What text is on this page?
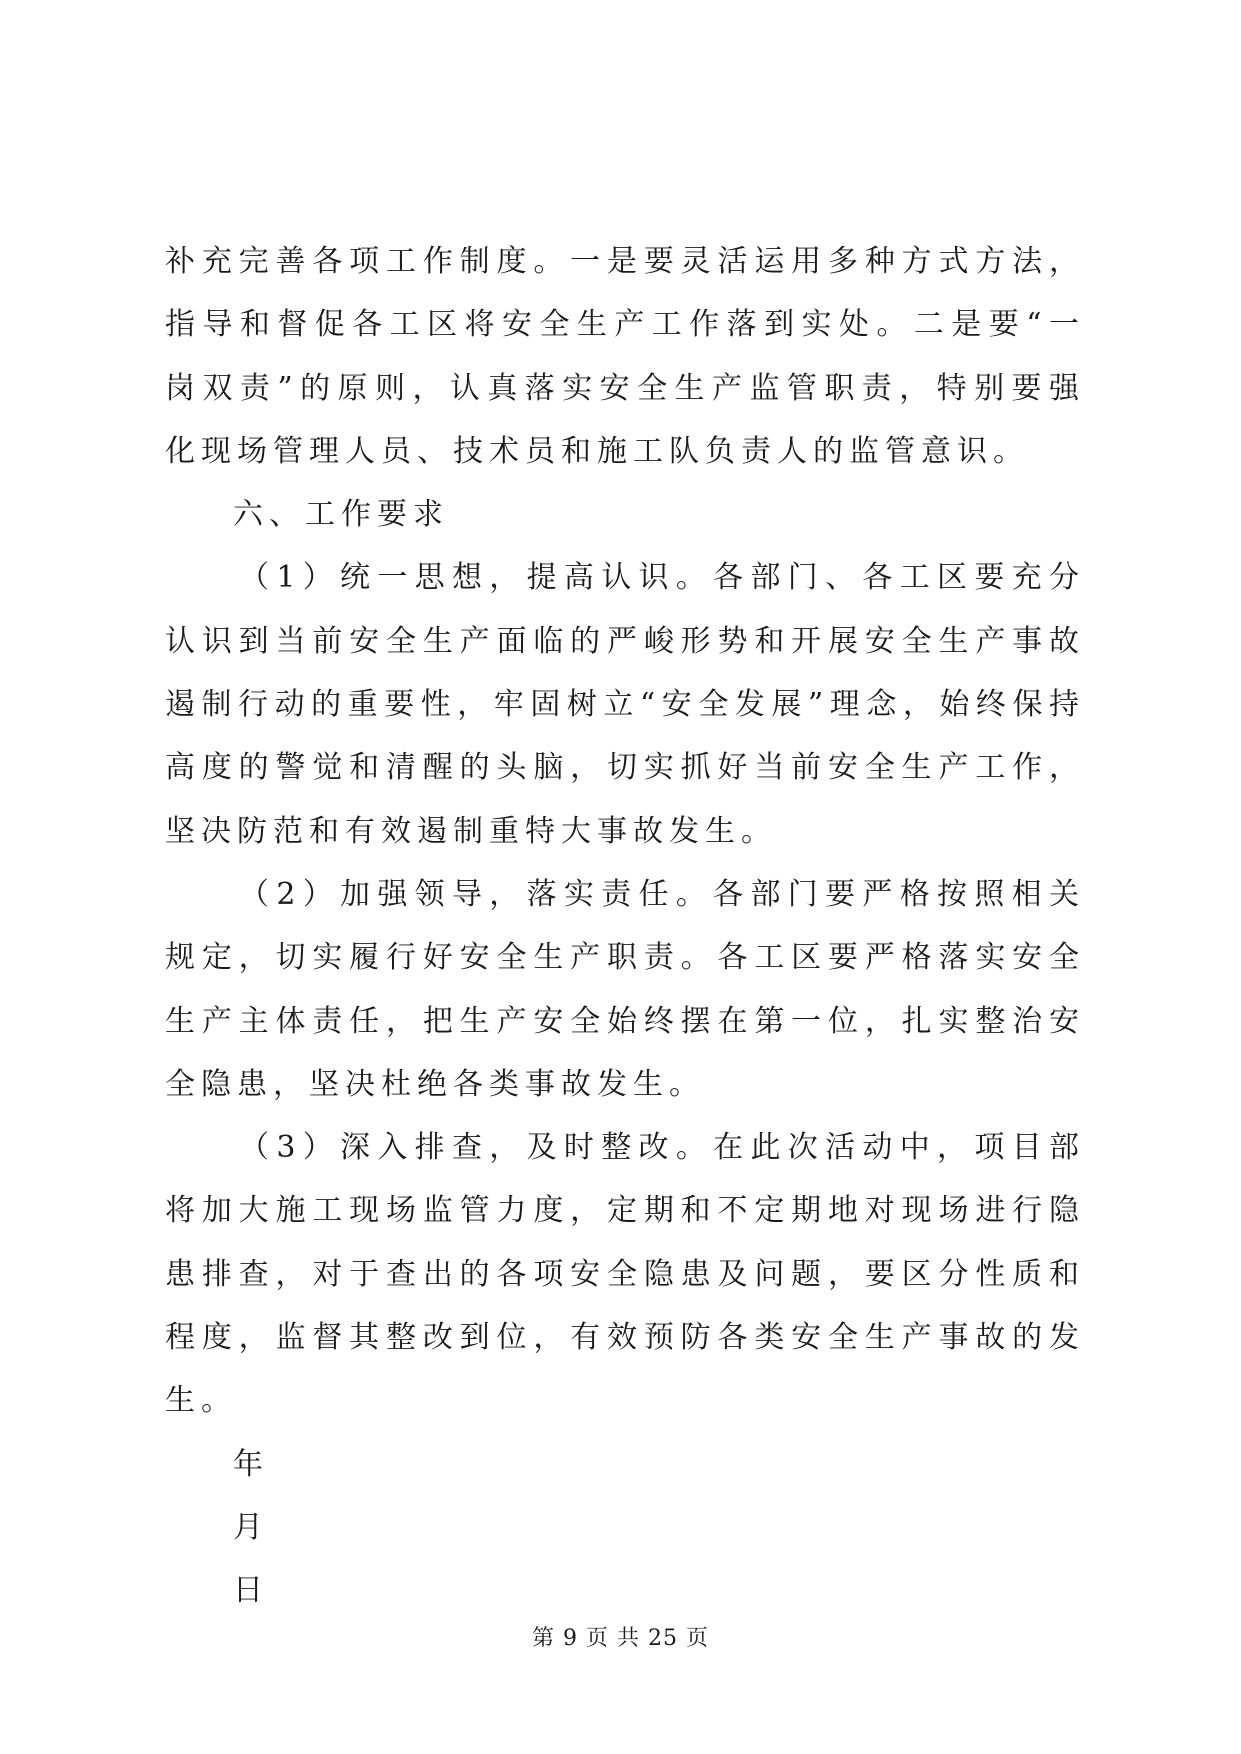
补充完善各项工作制度。一是要灵活运用多种方式方法，指导和督促各工区将安全生产工作落到实处。二是要“一岗双责”的原则，认真落实安全生产监管职责，特别要强化现场管理人员、技术员和施工队负责人的监管意识。

六、工作要求

（1）统一思想，提高认识。各部门、各工区要充分认识到当前安全生产面临的严峻形势和开展安全生产事故遏制行动的重要性，牢固树立“安全发展”理念，始终保持高度的警觉和清醒的头脑，切实抓好当前安全生产工作，坚决防范和有效遏制重特大事故发生。

（2）加强领导，落实责任。各部门要严格按照相关规定，切实履行好安全生产职责。各工区要严格落实安全生产主体责任，把生产安全始终摆在第一位，扎实整治安全隐患，坚决杜绝各类事故发生。

（3）深入排查，及时整改。在此次活动中，项目部将加大施工现场监管力度，定期和不定期地对现场进行隐患排查，对于查出的各项安全隐患及问题，要区分性质和程度，监督其整改到位，有效预防各类安全生产事故的发生。

年

月

日

第 9 页 共 25 页
